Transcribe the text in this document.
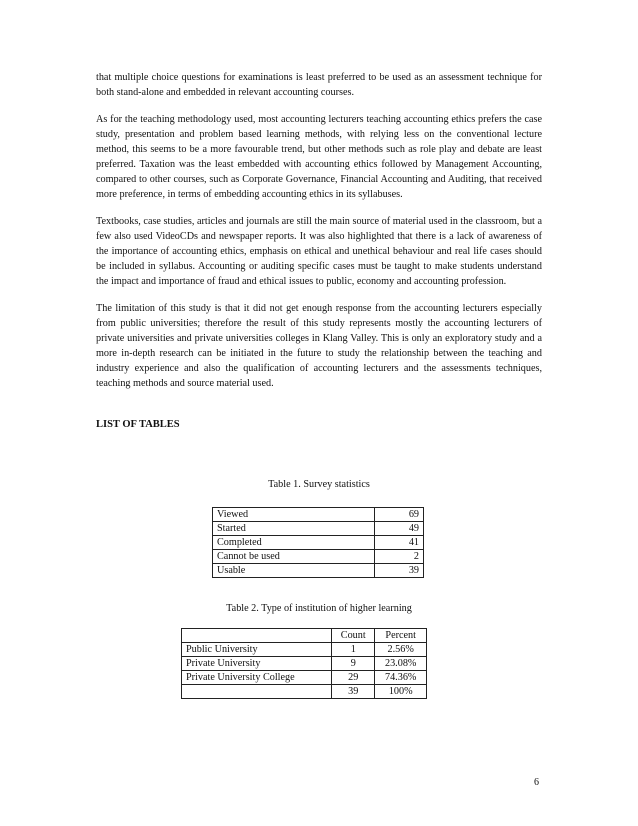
that multiple choice questions for examinations is least preferred to be used as an assessment technique for both stand-alone and embedded in relevant accounting courses.

As for the teaching methodology used, most accounting lecturers teaching accounting ethics prefers the case study, presentation and problem based learning methods, with relying less on the conventional lecture method, this seems to be a more favourable trend, but other methods such as role play and debate are least preferred. Taxation was the least embedded with accounting ethics followed by Management Accounting, compared to other courses, such as Corporate Governance, Financial Accounting and Auditing, that received more preference, in terms of embedding accounting ethics in its syllabuses.

Textbooks, case studies, articles and journals are still the main source of material used in the classroom, but a few also used VideoCDs and newspaper reports. It was also highlighted that there is a lack of awareness of the importance of accounting ethics, emphasis on ethical and unethical behaviour and real life cases should be included in syllabus. Accounting or auditing specific cases must be taught to make students understand the impact and importance of fraud and ethical issues to public, economy and accounting profession.

The limitation of this study is that it did not get enough response from the accounting lecturers especially from public universities; therefore the result of this study represents mostly the accounting lecturers of private universities and private universities colleges in Klang Valley. This is only an exploratory study and a more in-depth research can be initiated in the future to study the relationship between the teaching and industry experience and also the qualification of accounting lecturers and the assessments techniques, teaching methods and source material used.

LIST OF TABLES
Table 1. Survey statistics
Viewed	69
Started	49
Completed	41
Cannot be used	2
Usable	39
Table 2. Type of institution of higher learning
	Count	Percent
Public University	1	2.56%
Private University	9	23.08%
Private University College	29	74.36%
	39	100%
6
